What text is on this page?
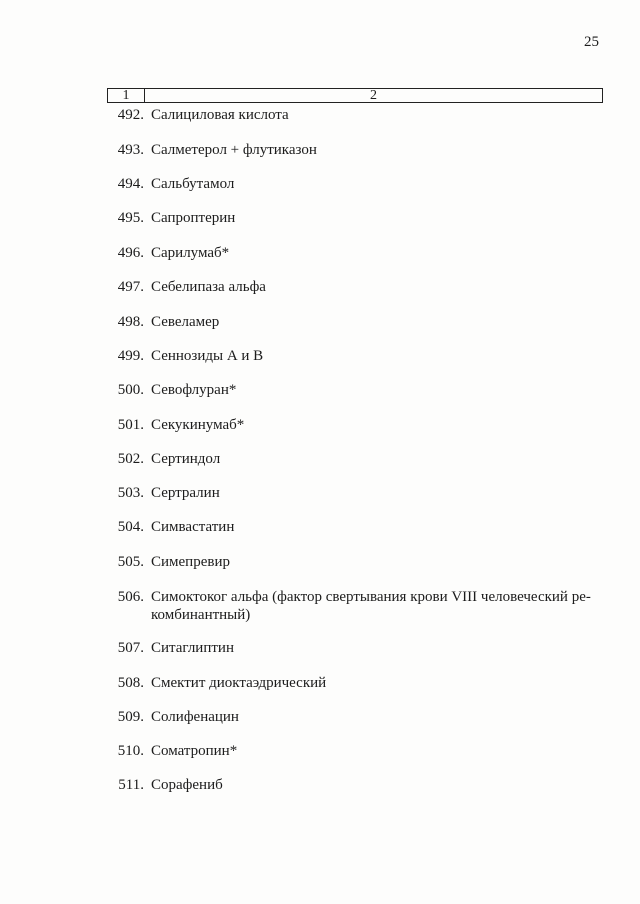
25
1	2
492. Салициловая кислота
493. Салметерол + флутиказон
494. Сальбутамол
495. Сапроптерин
496. Сарилумаб*
497. Себелипаза альфа
498. Севеламер
499. Сеннозиды А и В
500. Севофлуран*
501. Секукинумаб*
502. Сертиндол
503. Сертралин
504. Симвастатин
505. Симепревир
506. Симоктоког альфа (фактор свертывания крови VIII человеческий ре-комбинантный)
507. Ситаглиптин
508. Смектит диоктаэдрический
509. Солифенацин
510. Соматропин*
511. Сорафениб
